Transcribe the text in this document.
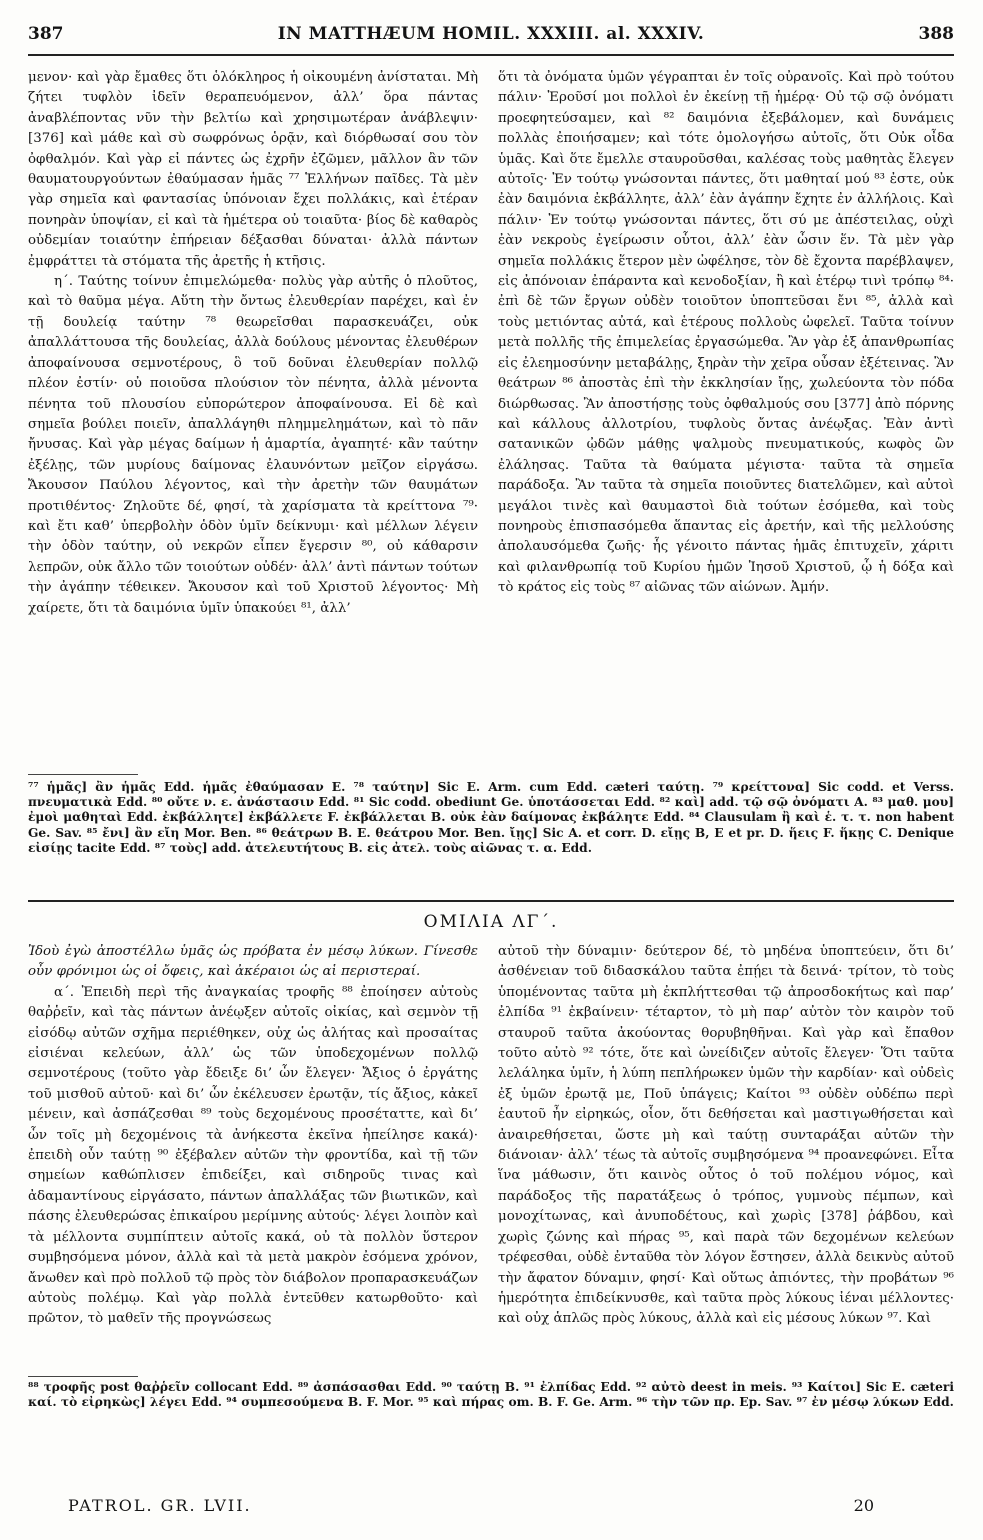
387	IN MATTHÆUM HOMIL. XXXIII. al. XXXIV.	388

μενον· καὶ γὰρ ἔμαθες ὅτι ὁλόκληρος ἡ οἰκουμένη ἀνίσταται. Μὴ ζήτει τυφλὸν ἰδεῖν θεραπευόμενον, ἀλλ’ ὅρα πάντας ἀναβλέποντας νῦν τὴν βελτίω καὶ χρησιμωτέραν ἀνάβλεψιν· [376] καὶ μάθε καὶ σὺ σωφρόνως ὁρᾷν, καὶ διόρθωσαί σου τὸν ὀφθαλμόν. Καὶ γὰρ εἰ πάντες ὡς ἐχρῆν ἐζῶμεν, μᾶλλον ἂν τῶν θαυματουργούντων ἐθαύμασαν ἡμᾶς ⁷⁷ Ἑλλήνων παῖδες. Τὰ μὲν γὰρ σημεῖα καὶ φαντασίας ὑπόνοιαν ἔχει πολλάκις, καὶ ἑτέραν πονηρὰν ὑποψίαν, εἰ καὶ τὰ ἡμέτερα οὐ τοιαῦτα· βίος δὲ καθαρὸς οὐδεμίαν τοιαύτην ἐπήρειαν δέξασθαι δύναται· ἀλλὰ πάντων ἐμφράττει τὰ στόματα τῆς ἀρετῆς ἡ κτῆσις.

η΄. Ταύτης τοίνυν ἐπιμελώμεθα· πολὺς γὰρ αὐτῆς ὁ πλοῦτος, καὶ τὸ θαῦμα μέγα. Αὕτη τὴν ὄντως ἐλευθερίαν παρέχει, καὶ ἐν τῇ δουλείᾳ ταύτην ⁷⁸ θεωρεῖσθαι παρασκευάζει, οὐκ ἀπαλλάττουσα τῆς δουλείας, ἀλλὰ δούλους μένοντας ἐλευθέρων ἀποφαίνουσα σεμνοτέρους, ὃ τοῦ δοῦναι ἐλευθερίαν πολλῷ πλέον ἐστίν· οὐ ποιοῦσα πλούσιον τὸν πένητα, ἀλλὰ μένοντα πένητα τοῦ πλουσίου εὐπορώτερον ἀποφαίνουσα. Εἰ δὲ καὶ σημεῖα βούλει ποιεῖν, ἀπαλλάγηθι πλημμελημάτων, καὶ τὸ πᾶν ἤνυσας. Καὶ γὰρ μέγας δαίμων ἡ ἁμαρτία, ἀγαπητέ· κἂν ταύτην ἐξέλῃς, τῶν μυρίους δαίμονας ἐλαυνόντων μεῖζον εἰργάσω. Ἄκουσον Παύλου λέγοντος, καὶ τὴν ἀρετὴν τῶν θαυμάτων προτιθέντος· Ζηλοῦτε δέ, φησί, τὰ χαρίσματα τὰ κρείττονα ⁷⁹· καὶ ἔτι καθ’ ὑπερβολὴν ὁδὸν ὑμῖν δείκνυμι· καὶ μέλλων λέγειν τὴν ὁδὸν ταύτην, οὐ νεκρῶν εἶπεν ἔγερσιν ⁸⁰, οὐ κάθαρσιν λεπρῶν, οὐκ ἄλλο τῶν τοιούτων οὐδέν· ἀλλ’ ἀντὶ πάντων τούτων τὴν ἀγάπην τέθεικεν. Ἄκουσον καὶ τοῦ Χριστοῦ λέγοντος· Μὴ χαίρετε, ὅτι τὰ δαιμόνια ὑμῖν ὑπακούει ⁸¹, ἀλλ’

ὅτι τὰ ὀνόματα ὑμῶν γέγραπται ἐν τοῖς οὐρανοῖς. Καὶ πρὸ τούτου πάλιν· Ἐροῦσί μοι πολλοὶ ἐν ἐκείνῃ τῇ ἡμέρᾳ· Οὐ τῷ σῷ ὀνόματι προεφητεύσαμεν, καὶ ⁸² δαιμόνια ἐξεβάλομεν, καὶ δυνάμεις πολλὰς ἐποιήσαμεν; καὶ τότε ὁμολογήσω αὐτοῖς, ὅτι Οὐκ οἶδα ὑμᾶς. Καὶ ὅτε ἔμελλε σταυροῦσθαι, καλέσας τοὺς μαθητὰς ἔλεγεν αὐτοῖς· Ἐν τούτῳ γνώσονται πάντες, ὅτι μαθηταί μού ⁸³ ἐστε, οὐκ ἐὰν δαιμόνια ἐκβάλλητε, ἀλλ’ ἐὰν ἀγάπην ἔχητε ἐν ἀλλήλοις. Καὶ πάλιν· Ἐν τούτῳ γνώσονται πάντες, ὅτι σύ με ἀπέστειλας, οὐχὶ ἐὰν νεκροὺς ἐγείρωσιν οὗτοι, ἀλλ’ ἐὰν ὦσιν ἕν. Τὰ μὲν γὰρ σημεῖα πολλάκις ἕτερον μὲν ὠφέλησε, τὸν δὲ ἔχοντα παρέβλαψεν, εἰς ἀπόνοιαν ἐπάραντα καὶ κενοδοξίαν, ἢ καὶ ἑτέρῳ τινὶ τρόπῳ ⁸⁴· ἐπὶ δὲ τῶν ἔργων οὐδὲν τοιοῦτον ὑποπτεῦσαι ἔνι ⁸⁵, ἀλλὰ καὶ τοὺς μετιόντας αὐτά, καὶ ἑτέρους πολλοὺς ὠφελεῖ. Ταῦτα τοίνυν μετὰ πολλῆς τῆς ἐπιμελείας ἐργασώμεθα. Ἂν γὰρ ἐξ ἀπανθρωπίας εἰς ἐλεημοσύνην μεταβάλῃς, ξηρὰν τὴν χεῖρα οὖσαν ἐξέτεινας. Ἂν θεάτρων ⁸⁶ ἀποστὰς ἐπὶ τὴν ἐκκλησίαν ἴῃς, χωλεύοντα τὸν πόδα διώρθωσας. Ἂν ἀποστήσῃς τοὺς ὀφθαλμούς σου [377] ἀπὸ πόρνης καὶ κάλλους ἀλλοτρίου, τυφλοὺς ὄντας ἀνέῳξας. Ἐὰν ἀντὶ σατανικῶν ᾠδῶν μάθῃς ψαλμοὺς πνευματικούς, κωφὸς ὢν ἐλάλησας. Ταῦτα τὰ θαύματα μέγιστα· ταῦτα τὰ σημεῖα παράδοξα. Ἂν ταῦτα τὰ σημεῖα ποιοῦντες διατελῶμεν, καὶ αὐτοὶ μεγάλοι τινὲς καὶ θαυμαστοὶ διὰ τούτων ἐσόμεθα, καὶ τοὺς πονηροὺς ἐπισπασόμεθα ἅπαντας εἰς ἀρετήν, καὶ τῆς μελλούσης ἀπολαυσόμεθα ζωῆς· ἧς γένοιτο πάντας ἡμᾶς ἐπιτυχεῖν, χάριτι καὶ φιλανθρωπίᾳ τοῦ Κυρίου ἡμῶν Ἰησοῦ Χριστοῦ, ᾧ ἡ δόξα καὶ τὸ κράτος εἰς τοὺς ⁸⁷ αἰῶνας τῶν αἰώνων. Ἀμήν.

⁷⁷ ἡμᾶς] ἂν ἡμᾶς Edd. ἡμᾶς ἐθαύμασαν E. ⁷⁸ ταύτην] Sic E. Arm. cum Edd. cæteri ταύτῃ. ⁷⁹ κρείττονα] Sic codd. et Verss. πνευματικὰ Edd. ⁸⁰ οὔτε ν. ε. ἀνάστασιν Edd. ⁸¹ Sic codd. obediunt Ge. ὑποτάσσεται Edd. ⁸² καὶ] add. τῷ σῷ ὀνόματι A. ⁸³ μαθ. μου] ἐμοὶ μαθηταὶ Edd. ἐκβάλλητε] ἐκβάλλετε F. ἐκβάλλεται B. οὐκ ἐὰν δαίμονας ἐκβάλητε Edd. ⁸⁴ Clausulam ἢ καὶ ἑ. τ. τ. non habent Ge. Sav. ⁸⁵ ἔνι] ἂν εἴη Mor. Ben. ⁸⁶ θεάτρων B. E. θεάτρου Mor. Ben. ἴῃς] Sic A. et corr. D. εἴῃς B, E et pr. D. ἥεις F. ἥκῃς C. Denique εἰσίῃς tacite Edd. ⁸⁷ τοὺς] add. ἀτελευτήτους B. εἰς ἀτελ. τοὺς αἰῶνας τ. α. Edd.

ΟΜΙΛΙΑ ΛΓ΄.

Ἰδοὺ ἐγὼ ἀποστέλλω ὑμᾶς ὡς πρόβατα ἐν μέσῳ λύκων. Γίνεσθε οὖν φρόνιμοι ὡς οἱ ὄφεις, καὶ ἀκέραιοι ὡς αἱ περιστεραί.

α΄. Ἐπειδὴ περὶ τῆς ἀναγκαίας τροφῆς ⁸⁸ ἐποίησεν αὐτοὺς θαῤῥεῖν, καὶ τὰς πάντων ἀνέῳξεν αὐτοῖς οἰκίας, καὶ σεμνὸν τῇ εἰσόδῳ αὐτῶν σχῆμα περιέθηκεν, οὐχ ὡς ἀλήτας καὶ προσαίτας εἰσιέναι κελεύων, ἀλλ’ ὡς τῶν ὑποδεχομένων πολλῷ σεμνοτέρους (τοῦτο γὰρ ἔδειξε δι’ ὧν ἔλεγεν· Ἄξιος ὁ ἐργάτης τοῦ μισθοῦ αὐτοῦ· καὶ δι’ ὧν ἐκέλευσεν ἐρωτᾷν, τίς ἄξιος, κἀκεῖ μένειν, καὶ ἀσπάζεσθαι ⁸⁹ τοὺς δεχομένους προσέταττε, καὶ δι’ ὧν τοῖς μὴ δεχομένοις τὰ ἀνήκεστα ἐκεῖνα ἠπείλησε κακά)· ἐπειδὴ οὖν ταύτῃ ⁹⁰ ἐξέβαλεν αὐτῶν τὴν φροντίδα, καὶ τῇ τῶν σημείων καθώπλισεν ἐπιδείξει, καὶ σιδηροῦς τινας καὶ ἀδαμαντίνους εἰργάσατο, πάντων ἀπαλλάξας τῶν βιωτικῶν, καὶ πάσης ἐλευθερώσας ἐπικαίρου μερίμνης αὐτούς· λέγει λοιπὸν καὶ τὰ μέλλοντα συμπίπτειν αὐτοῖς κακά, οὐ τὰ πολλὸν ὕστερον συμβησόμενα μόνον, ἀλλὰ καὶ τὰ μετὰ μακρὸν ἐσόμενα χρόνον, ἄνωθεν καὶ πρὸ πολλοῦ τῷ πρὸς τὸν διάβολον προπαρασκευάζων αὐτοὺς πολέμῳ. Καὶ γὰρ πολλὰ ἐντεῦθεν κατωρθοῦτο· καὶ πρῶτον, τὸ μαθεῖν τῆς προγνώσεως

αὐτοῦ τὴν δύναμιν· δεύτερον δέ, τὸ μηδένα ὑποπτεύειν, ὅτι δι’ ἀσθένειαν τοῦ διδασκάλου ταῦτα ἐπῄει τὰ δεινά· τρίτον, τὸ τοὺς ὑπομένοντας ταῦτα μὴ ἐκπλήττεσθαι τῷ ἀπροσδοκήτως καὶ παρ’ ἐλπίδα ⁹¹ ἐκβαίνειν· τέταρτον, τὸ μὴ παρ’ αὐτὸν τὸν καιρὸν τοῦ σταυροῦ ταῦτα ἀκούοντας θορυβηθῆναι. Καὶ γὰρ καὶ ἔπαθον τοῦτο αὐτὸ ⁹² τότε, ὅτε καὶ ὠνείδιζεν αὐτοῖς ἔλεγεν· Ὅτι ταῦτα λελάληκα ὑμῖν, ἡ λύπη πεπλήρωκεν ὑμῶν τὴν καρδίαν· καὶ οὐδεὶς ἐξ ὑμῶν ἐρωτᾷ με, Ποῦ ὑπάγεις; Καίτοι ⁹³ οὐδὲν οὐδέπω περὶ ἑαυτοῦ ἦν εἰρηκώς, οἷον, ὅτι δεθήσεται καὶ μαστιγωθήσεται καὶ ἀναιρεθήσεται, ὥστε μὴ καὶ ταύτῃ συνταράξαι αὐτῶν τὴν διάνοιαν· ἀλλ’ τέως τὰ αὐτοῖς συμβησόμενα ⁹⁴ προανεφώνει. Εἶτα ἵνα μάθωσιν, ὅτι καινὸς οὗτος ὁ τοῦ πολέμου νόμος, καὶ παράδοξος τῆς παρατάξεως ὁ τρόπος, γυμνοὺς πέμπων, καὶ μονοχίτωνας, καὶ ἀνυποδέτους, καὶ χωρὶς [378] ῥάβδου, καὶ χωρὶς ζώνης καὶ πήρας ⁹⁵, καὶ παρὰ τῶν δεχομένων κελεύων τρέφεσθαι, οὐδὲ ἐνταῦθα τὸν λόγον ἔστησεν, ἀλλὰ δεικνὺς αὐτοῦ τὴν ἄφατον δύναμιν, φησί· Καὶ οὕτως ἀπιόντες, τὴν προβάτων ⁹⁶ ἡμερότητα ἐπιδείκνυσθε, καὶ ταῦτα πρὸς λύκους ἰέναι μέλλοντες· καὶ οὐχ ἁπλῶς πρὸς λύκους, ἀλλὰ καὶ εἰς μέσους λύκων ⁹⁷. Καὶ

⁸⁸ τροφῆς post θαῤῥεῖν collocant Edd. ⁸⁹ ἀσπάσασθαι Edd. ⁹⁰ ταύτῃ B. ⁹¹ ἐλπίδας Edd. ⁹² αὐτὸ deest in meis. ⁹³ Καίτοι] Sic E. cæteri καί. τὸ εἰρηκὼς] λέγει Edd. ⁹⁴ συμπεσούμενα B. F. Mor. ⁹⁵ καὶ πήρας om. B. F. Ge. Arm. ⁹⁶ τὴν τῶν πρ. Ep. Sav. ⁹⁷ ἐν μέσῳ λύκων Edd.

PATROL. GR. LVII.	20
